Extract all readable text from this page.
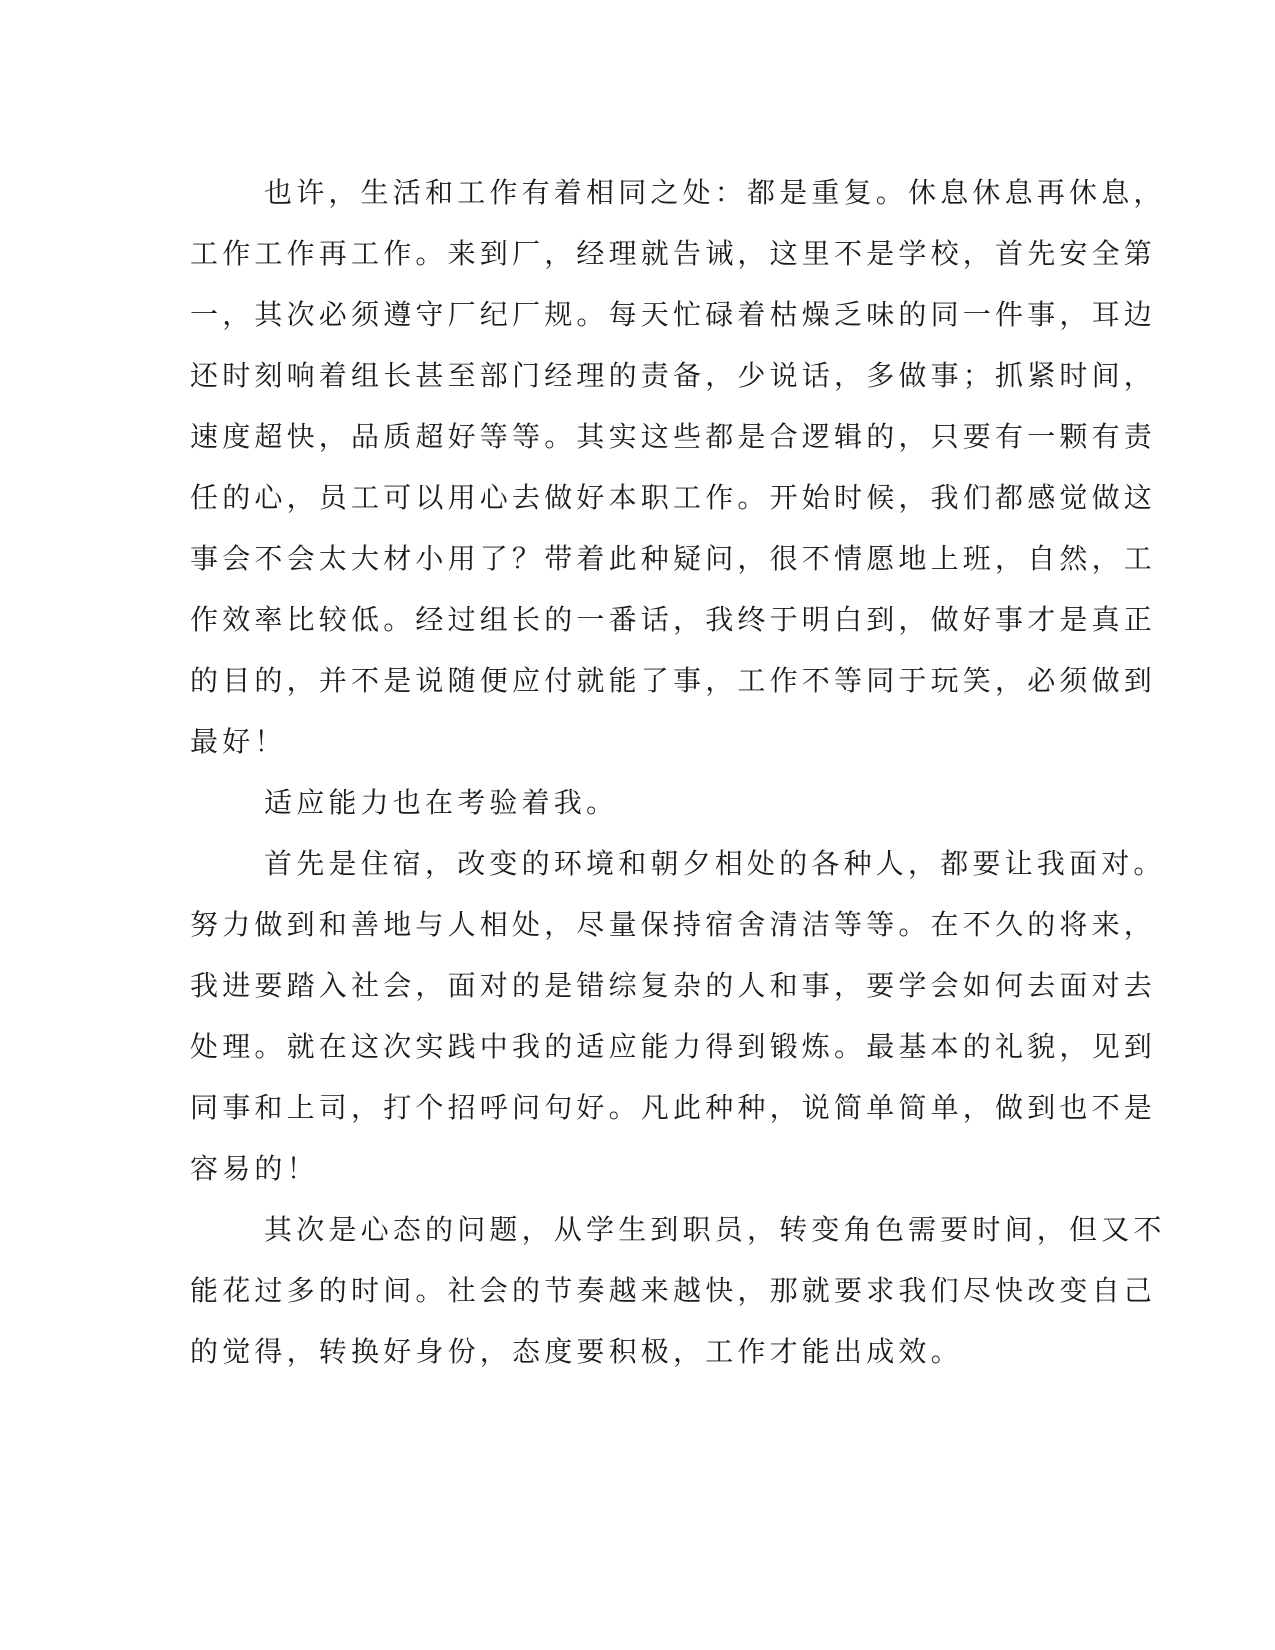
也许，生活和工作有着相同之处：都是重复。休息休息再休息，
工作工作再工作。来到厂，经理就告诫，这里不是学校，首先安全第
一，其次必须遵守厂纪厂规。每天忙碌着枯燥乏味的同一件事，耳边
还时刻响着组长甚至部门经理的责备，少说话，多做事；抓紧时间，
速度超快，品质超好等等。其实这些都是合逻辑的，只要有一颗有责
任的心，员工可以用心去做好本职工作。开始时候，我们都感觉做这
事会不会太大材小用了？带着此种疑问，很不情愿地上班，自然，工
作效率比较低。经过组长的一番话，我终于明白到，做好事才是真正
的目的，并不是说随便应付就能了事，工作不等同于玩笑，必须做到
最好！
适应能力也在考验着我。
首先是住宿，改变的环境和朝夕相处的各种人，都要让我面对。
努力做到和善地与人相处，尽量保持宿舍清洁等等。在不久的将来，
我进要踏入社会，面对的是错综复杂的人和事，要学会如何去面对去
处理。就在这次实践中我的适应能力得到锻炼。最基本的礼貌，见到
同事和上司，打个招呼问句好。凡此种种，说简单简单，做到也不是
容易的！
其次是心态的问题，从学生到职员，转变角色需要时间，但又不
能花过多的时间。社会的节奏越来越快，那就要求我们尽快改变自己
的觉得，转换好身份，态度要积极，工作才能出成效。
